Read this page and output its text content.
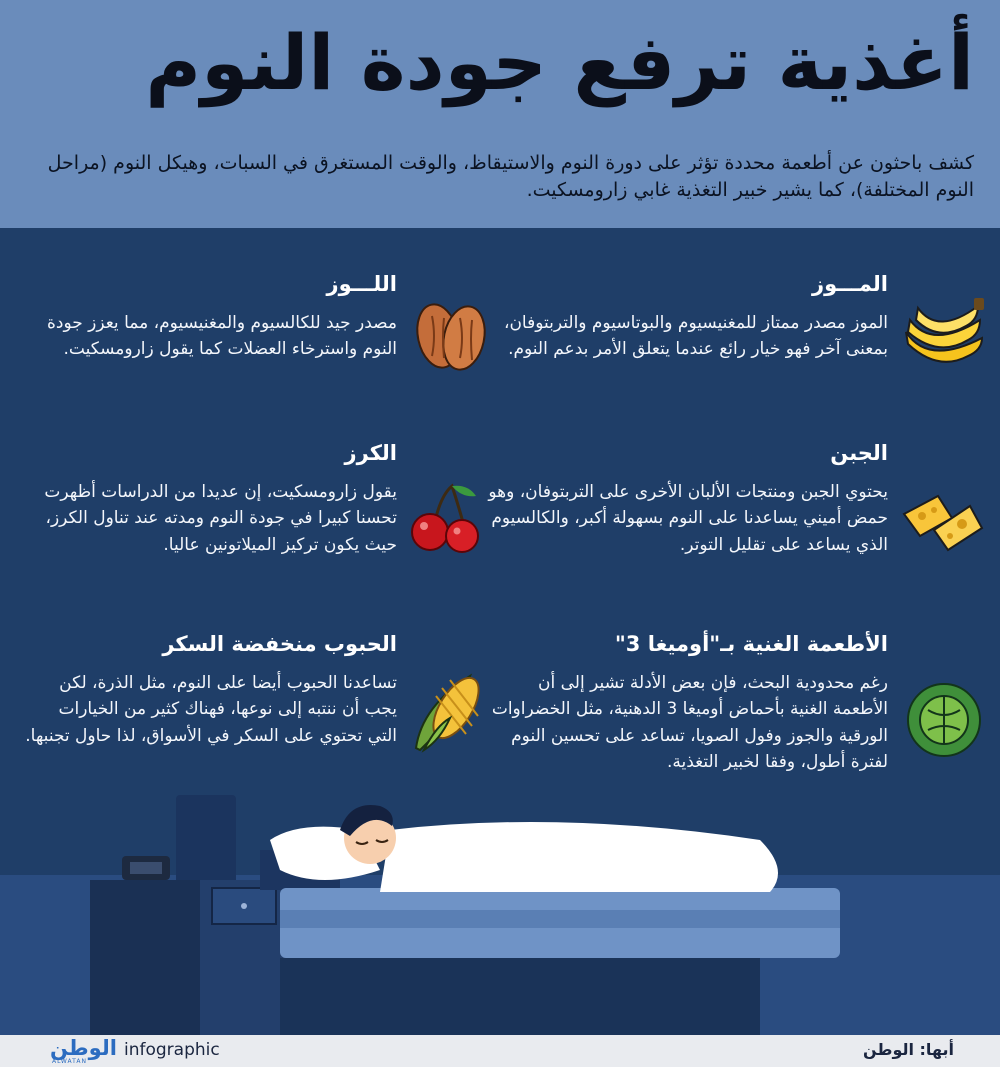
أغذية ترفع جودة النوم

كشف باحثون عن أطعمة محددة تؤثر على دورة النوم والاستيقاظ، والوقت المستغرق في السبات، وهيكل النوم (مراحل النوم المختلفة)، كما يشير خبير التغذية غابي زارومسكيت.

المـــوز

الموز مصدر ممتاز للمغنيسيوم والبوتاسيوم والتربتوفان، بمعنى آخر فهو خيار رائع عندما يتعلق الأمر بدعم النوم.

الجبن

يحتوي الجبن ومنتجات الألبان الأخرى على التربتوفان، وهو حمض أميني يساعدنا على النوم بسهولة أكبر، والكالسيوم الذي يساعد على تقليل التوتر.

الأطعمة الغنية بـ"أوميغا 3"

رغم محدودية البحث، فإن بعض الأدلة تشير إلى أن الأطعمة الغنية بأحماض أوميغا 3 الدهنية، مثل الخضراوات الورقية والجوز وفول الصويا، تساعد على تحسين النوم لفترة أطول، وفقا لخبير التغذية.

اللـــوز

مصدر جيد للكالسيوم والمغنيسيوم، مما يعزز جودة النوم واسترخاء العضلات كما يقول زارومسكيت.

الكرز

يقول زارومسكيت، إن عديدا من الدراسات أظهرت تحسنا كبيرا في جودة النوم ومدته عند تناول الكرز، حيث يكون تركيز الميلاتونين عاليا.

الحبوب منخفضة السكر

تساعدنا الحبوب أيضا على النوم، مثل الذرة، لكن يجب أن ننتبه إلى نوعها، فهناك كثير من الخيارات التي تحتوي على السكر في الأسواق، لذا حاول تجنبها.

أبها: الوطن

الوطن

ALWATAN

infographic
